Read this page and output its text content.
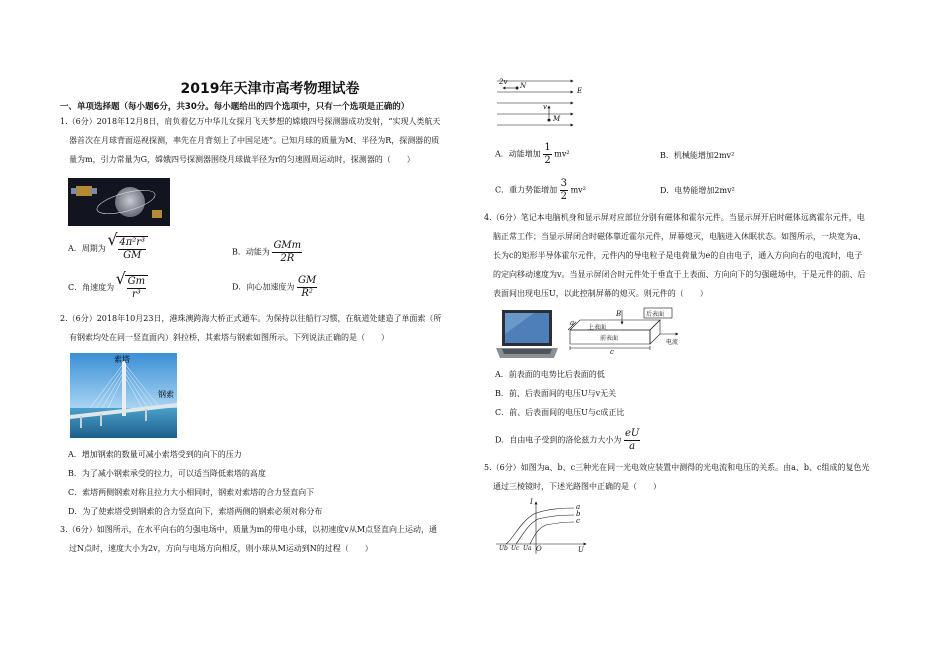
2019年天津市高考物理试卷
一、单项选择题（每小题6分，共30分。每小题给出的四个选项中，只有一个选项是正确的）
1.（6分）2018年12月8日，肩负着亿万中华儿女探月飞天梦想的嫦娥四号探测器成功发射，“实现人类航天
器首次在月球背面巡视探测，率先在月背刻上了中国足迹”。已知月球的质量为M、半径为R，探测器的质
量为m，引力常量为G，嫦娥四号探测器围绕月球做半径为r的匀速圆周运动时，探测器的（　　）
A．周期为 √ $\frac{\text{4π²r³}}{GM}$	B．动能为 $\frac{\text{GMm}}{2R}$
C．角速度为 √ $\frac{Gm}{\text{r³}}$	D．向心加速度为 $\frac{GM}{\text{R²}}$
2.（6分）2018年10月23日，港珠澳跨海大桥正式通车。为保持以往船行习惯，在航道处建造了单面索（所
有钢索均处在同一竖直面内）斜拉桥，其索塔与钢索如图所示。下列说法正确的是（　　）
索塔
钢索
A．增加钢索的数量可减小索塔受到的向下的压力
B．为了减小钢索承受的拉力，可以适当降低索塔的高度
C．索塔两侧钢索对称且拉力大小相同时，钢索对索塔的合力竖直向下
D．为了使索塔受到钢索的合力竖直向下，索塔两侧的钢索必须对称分布
3.（6分）如图所示，在水平向右的匀强电场中，质量为m的带电小球，以初速度v从M点竖直向上运动，通
过N点时，速度大小为2v，方向与电场方向相反，则小球从M运动到N的过程（　　）
2v N
E
v
M
A．动能增加 $\frac{1}{2} mv^2$	B．机械能增加2mv²
C．重力势能增加 $\frac{3}{2} mv^2$	D．电势能增加2mv²
4.（6分）笔记本电脑机身和显示屏对应部位分别有磁体和霍尔元件。当显示屏开启时磁体远离霍尔元件，电
脑正常工作；当显示屏闭合时磁体靠近霍尔元件，屏幕熄灭，电脑进入休眠状态。如图所示，一块宽为a、
长为c的矩形半导体霍尔元件，元件内的导电粒子是电荷量为e的自由电子，通入方向向右的电流时，电子
的定向移动速度为v。当显示屏闭合时元件处于垂直于上表面、方向向下的匀强磁场中，于是元件的前、后
表面间出现电压U，以此控制屏幕的熄灭。则元件的（　　）
a
B	后表面
上表面
前表面
c
电流
A．前表面的电势比后表面的低
B．前、后表面间的电压U与v无关
C．前、后表面间的电压U与c成正比
D．自由电子受到的洛伦兹力大小为 $\frac{eU}{a}$
5.（6分）如图为a、b、c三种光在同一光电效应装置中测得的光电流和电压的关系。由a、b、c组成的复色光
通过三棱镜时，下述光路图中正确的是（　　）
I
U
a
b
c
Ub Uc Ua O
